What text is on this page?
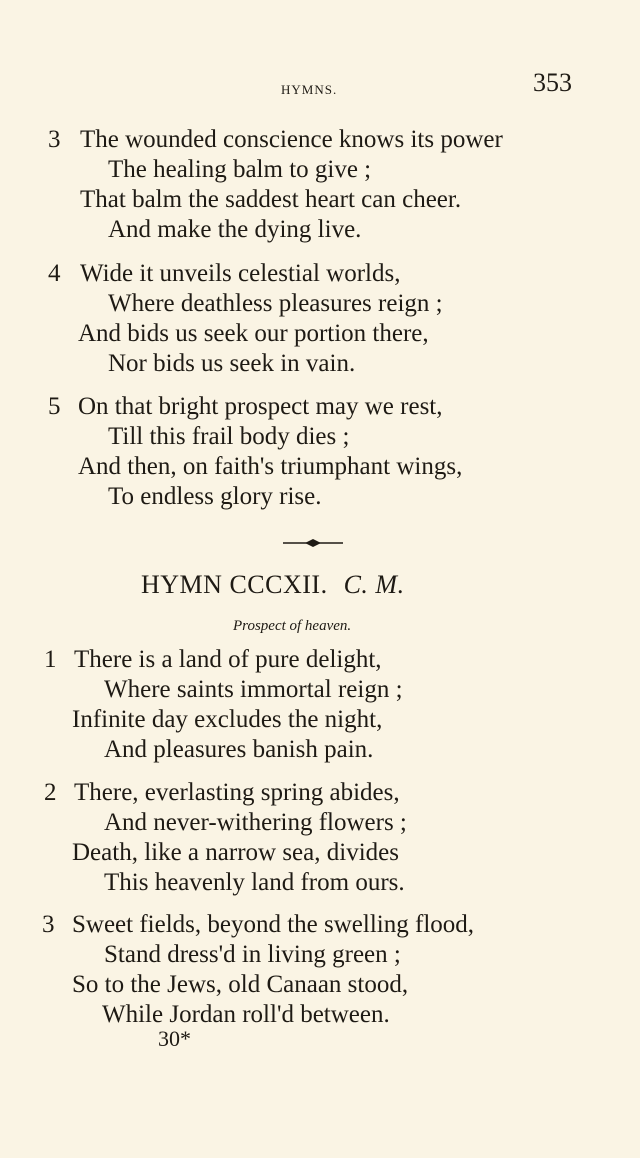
HYMNS.	353
3 The wounded conscience knows its power
The healing balm to give ;
That balm the saddest heart can cheer.
And make the dying live.
4 Wide it unveils celestial worlds,
Where deathless pleasures reign ;
And bids us seek our portion there,
Nor bids us seek in vain.
5 On that bright prospect may we rest,
Till this frail body dies ;
And then, on faith's triumphant wings,
To endless glory rise.
HYMN CCCXII. C. M.
Prospect of heaven.
1 There is a land of pure delight,
Where saints immortal reign ;
Infinite day excludes the night,
And pleasures banish pain.
2 There, everlasting spring abides,
And never-withering flowers ;
Death, like a narrow sea, divides
This heavenly land from ours.
3 Sweet fields, beyond the swelling flood,
Stand dress'd in living green ;
So to the Jews, old Canaan stood,
While Jordan roll'd between.
30*
